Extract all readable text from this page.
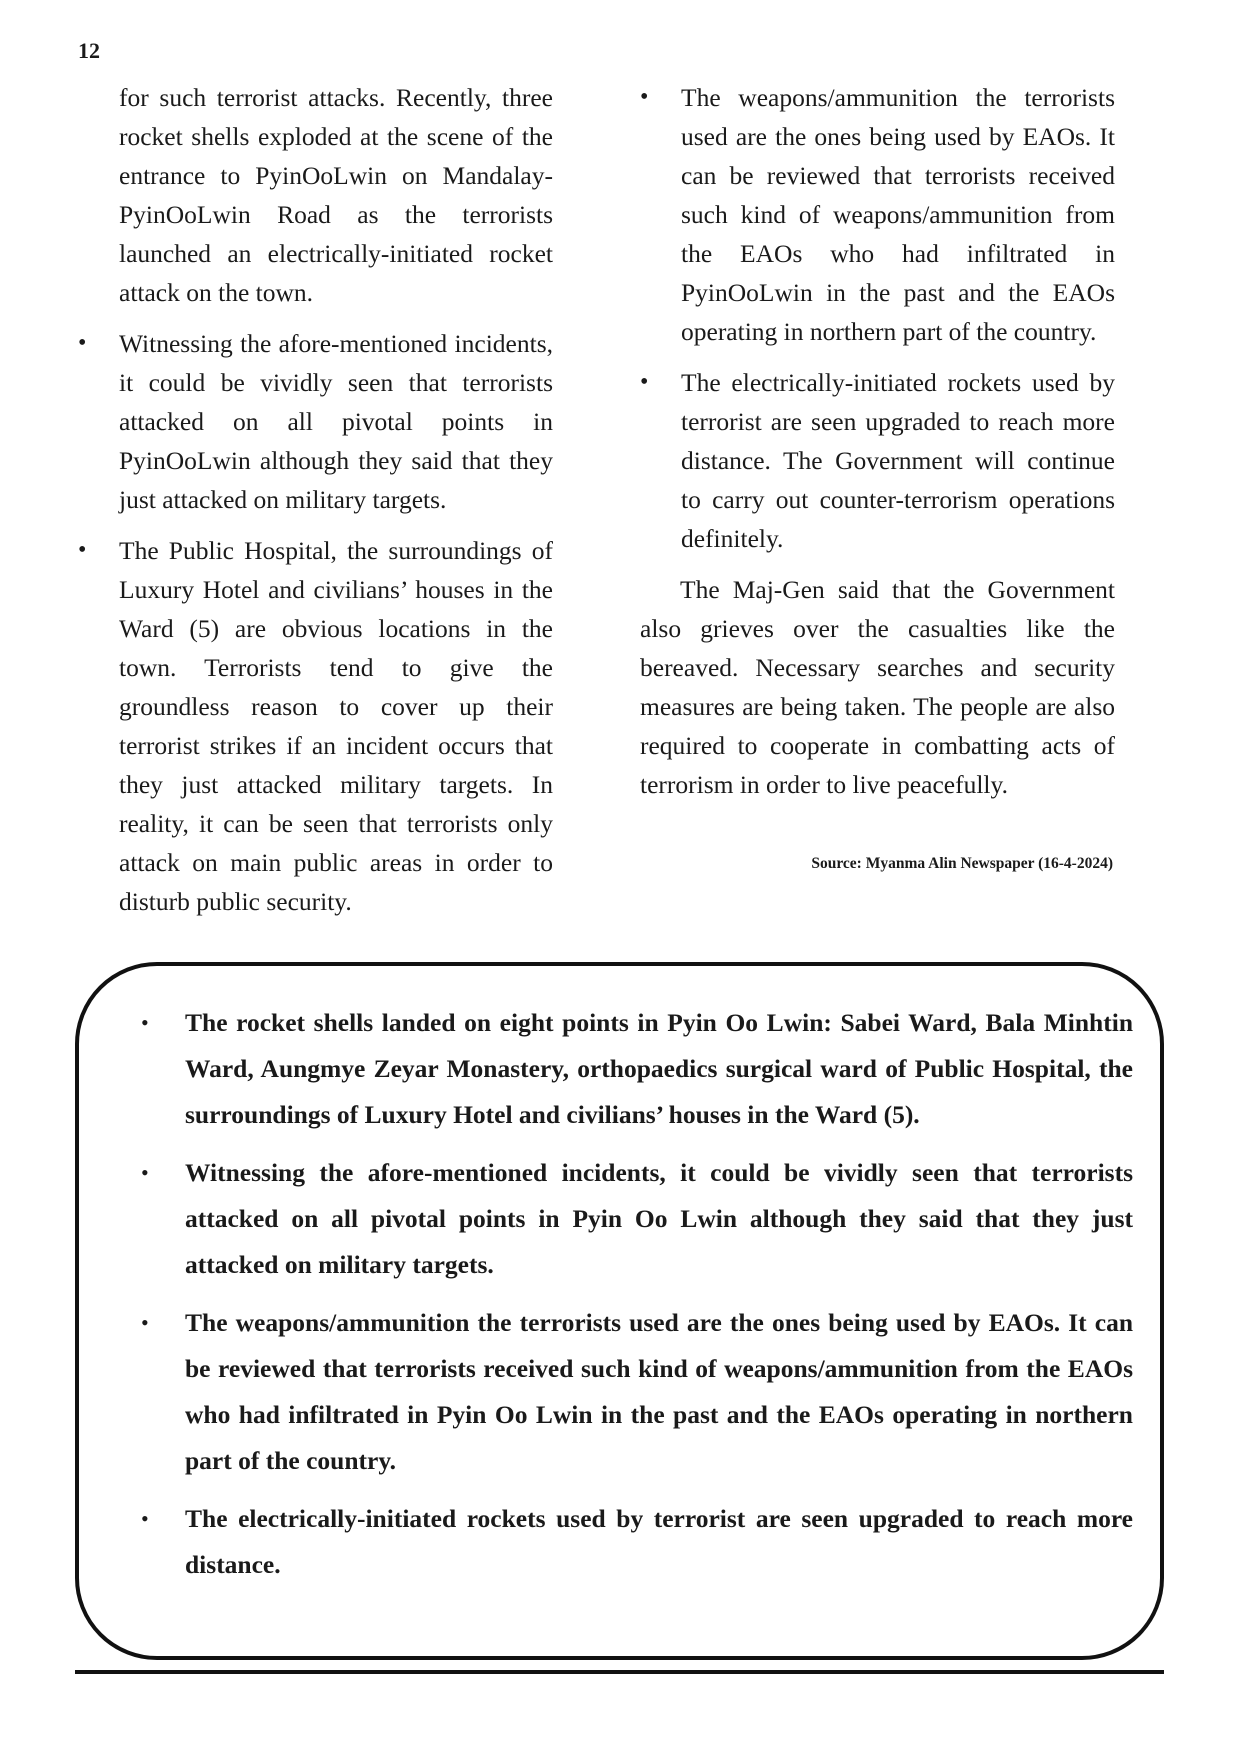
12

for such terrorist attacks. Recently, three rocket shells exploded at the scene of the entrance to PyinOoLwin on Mandalay-PyinOoLwin Road as the terrorists launched an electrically-initiated rocket attack on the town.

• Witnessing the afore-mentioned incidents, it could be vividly seen that terrorists attacked on all pivotal points in PyinOoLwin although they said that they just attacked on military targets.

• The Public Hospital, the surroundings of Luxury Hotel and civilians’ houses in the Ward (5) are obvious locations in the town. Terrorists tend to give the groundless reason to cover up their terrorist strikes if an incident occurs that they just attacked military targets. In reality, it can be seen that terrorists only attack on main public areas in order to disturb public security.

• The weapons/ammunition the terrorists used are the ones being used by EAOs. It can be reviewed that terrorists received such kind of weapons/ammunition from the EAOs who had infiltrated in PyinOoLwin in the past and the EAOs operating in northern part of the country.

• The electrically-initiated rockets used by terrorist are seen upgraded to reach more distance. The Government will continue to carry out counter-terrorism operations definitely.

The Maj-Gen said that the Government also grieves over the casualties like the bereaved. Necessary searches and security measures are being taken. The people are also required to cooperate in combatting acts of terrorism in order to live peacefully.

Source: Myanma Alin Newspaper (16-4-2024)

• The rocket shells landed on eight points in Pyin Oo Lwin: Sabei Ward, Bala Minhtin Ward, Aungmye Zeyar Monastery, orthopaedics surgical ward of Public Hospital, the surroundings of Luxury Hotel and civilians’ houses in the Ward (5).

• Witnessing the afore-mentioned incidents, it could be vividly seen that terrorists attacked on all pivotal points in Pyin Oo Lwin although they said that they just attacked on military targets.

• The weapons/ammunition the terrorists used are the ones being used by EAOs. It can be reviewed that terrorists received such kind of weapons/ammunition from the EAOs who had infiltrated in Pyin Oo Lwin in the past and the EAOs operating in northern part of the country.

• The electrically-initiated rockets used by terrorist are seen upgraded to reach more distance.
